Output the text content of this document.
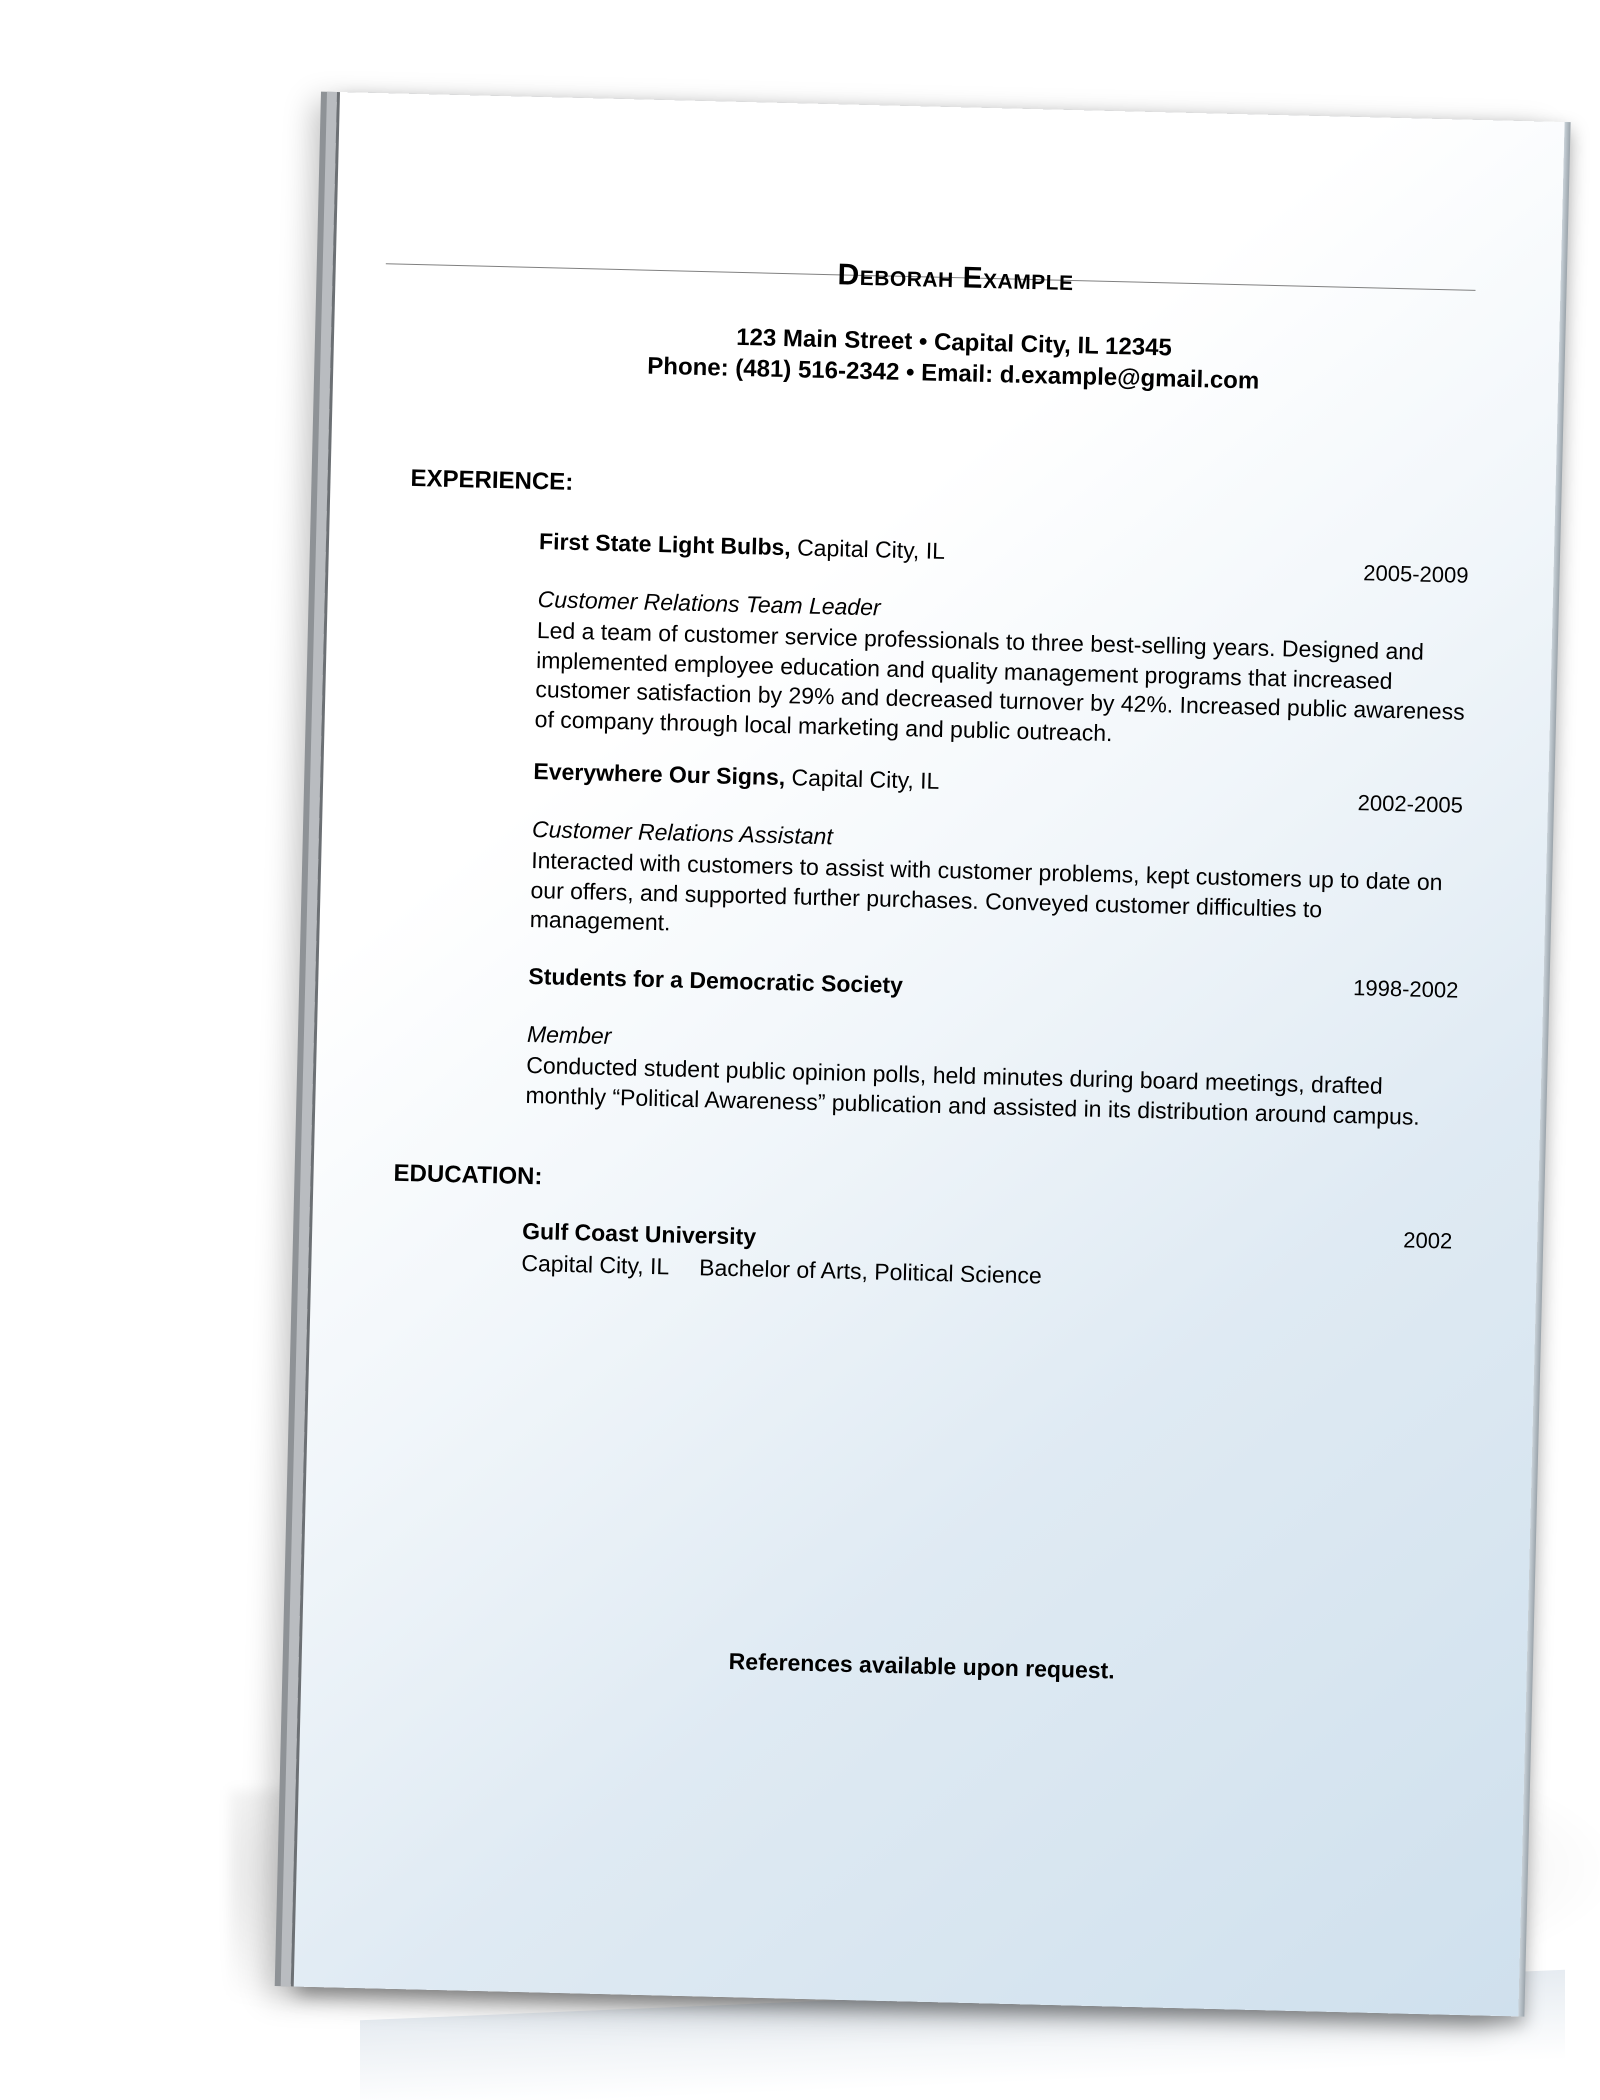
Deborah Example
123 Main Street • Capital City, IL 12345
Phone: (481) 516-2342 • Email: d.example@gmail.com
EXPERIENCE:
First State Light Bulbs, Capital City, IL
2005-2009
Customer Relations Team Leader
Led a team of customer service professionals to three best-selling years. Designed and implemented employee education and quality management programs that increased customer satisfaction by 29% and decreased turnover by 42%. Increased public awareness of company through local marketing and public outreach.
Everywhere Our Signs, Capital City, IL
2002-2005
Customer Relations Assistant
Interacted with customers to assist with customer problems, kept customers up to date on our offers, and supported further purchases. Conveyed customer difficulties to management.
Students for a Democratic Society	1998-2002
Member
Conducted student public opinion polls, held minutes during board meetings, drafted monthly “Political Awareness” publication and assisted in its distribution around campus.
EDUCATION:
Gulf Coast University	2002
Capital City, IL Bachelor of Arts, Political Science
References available upon request.
